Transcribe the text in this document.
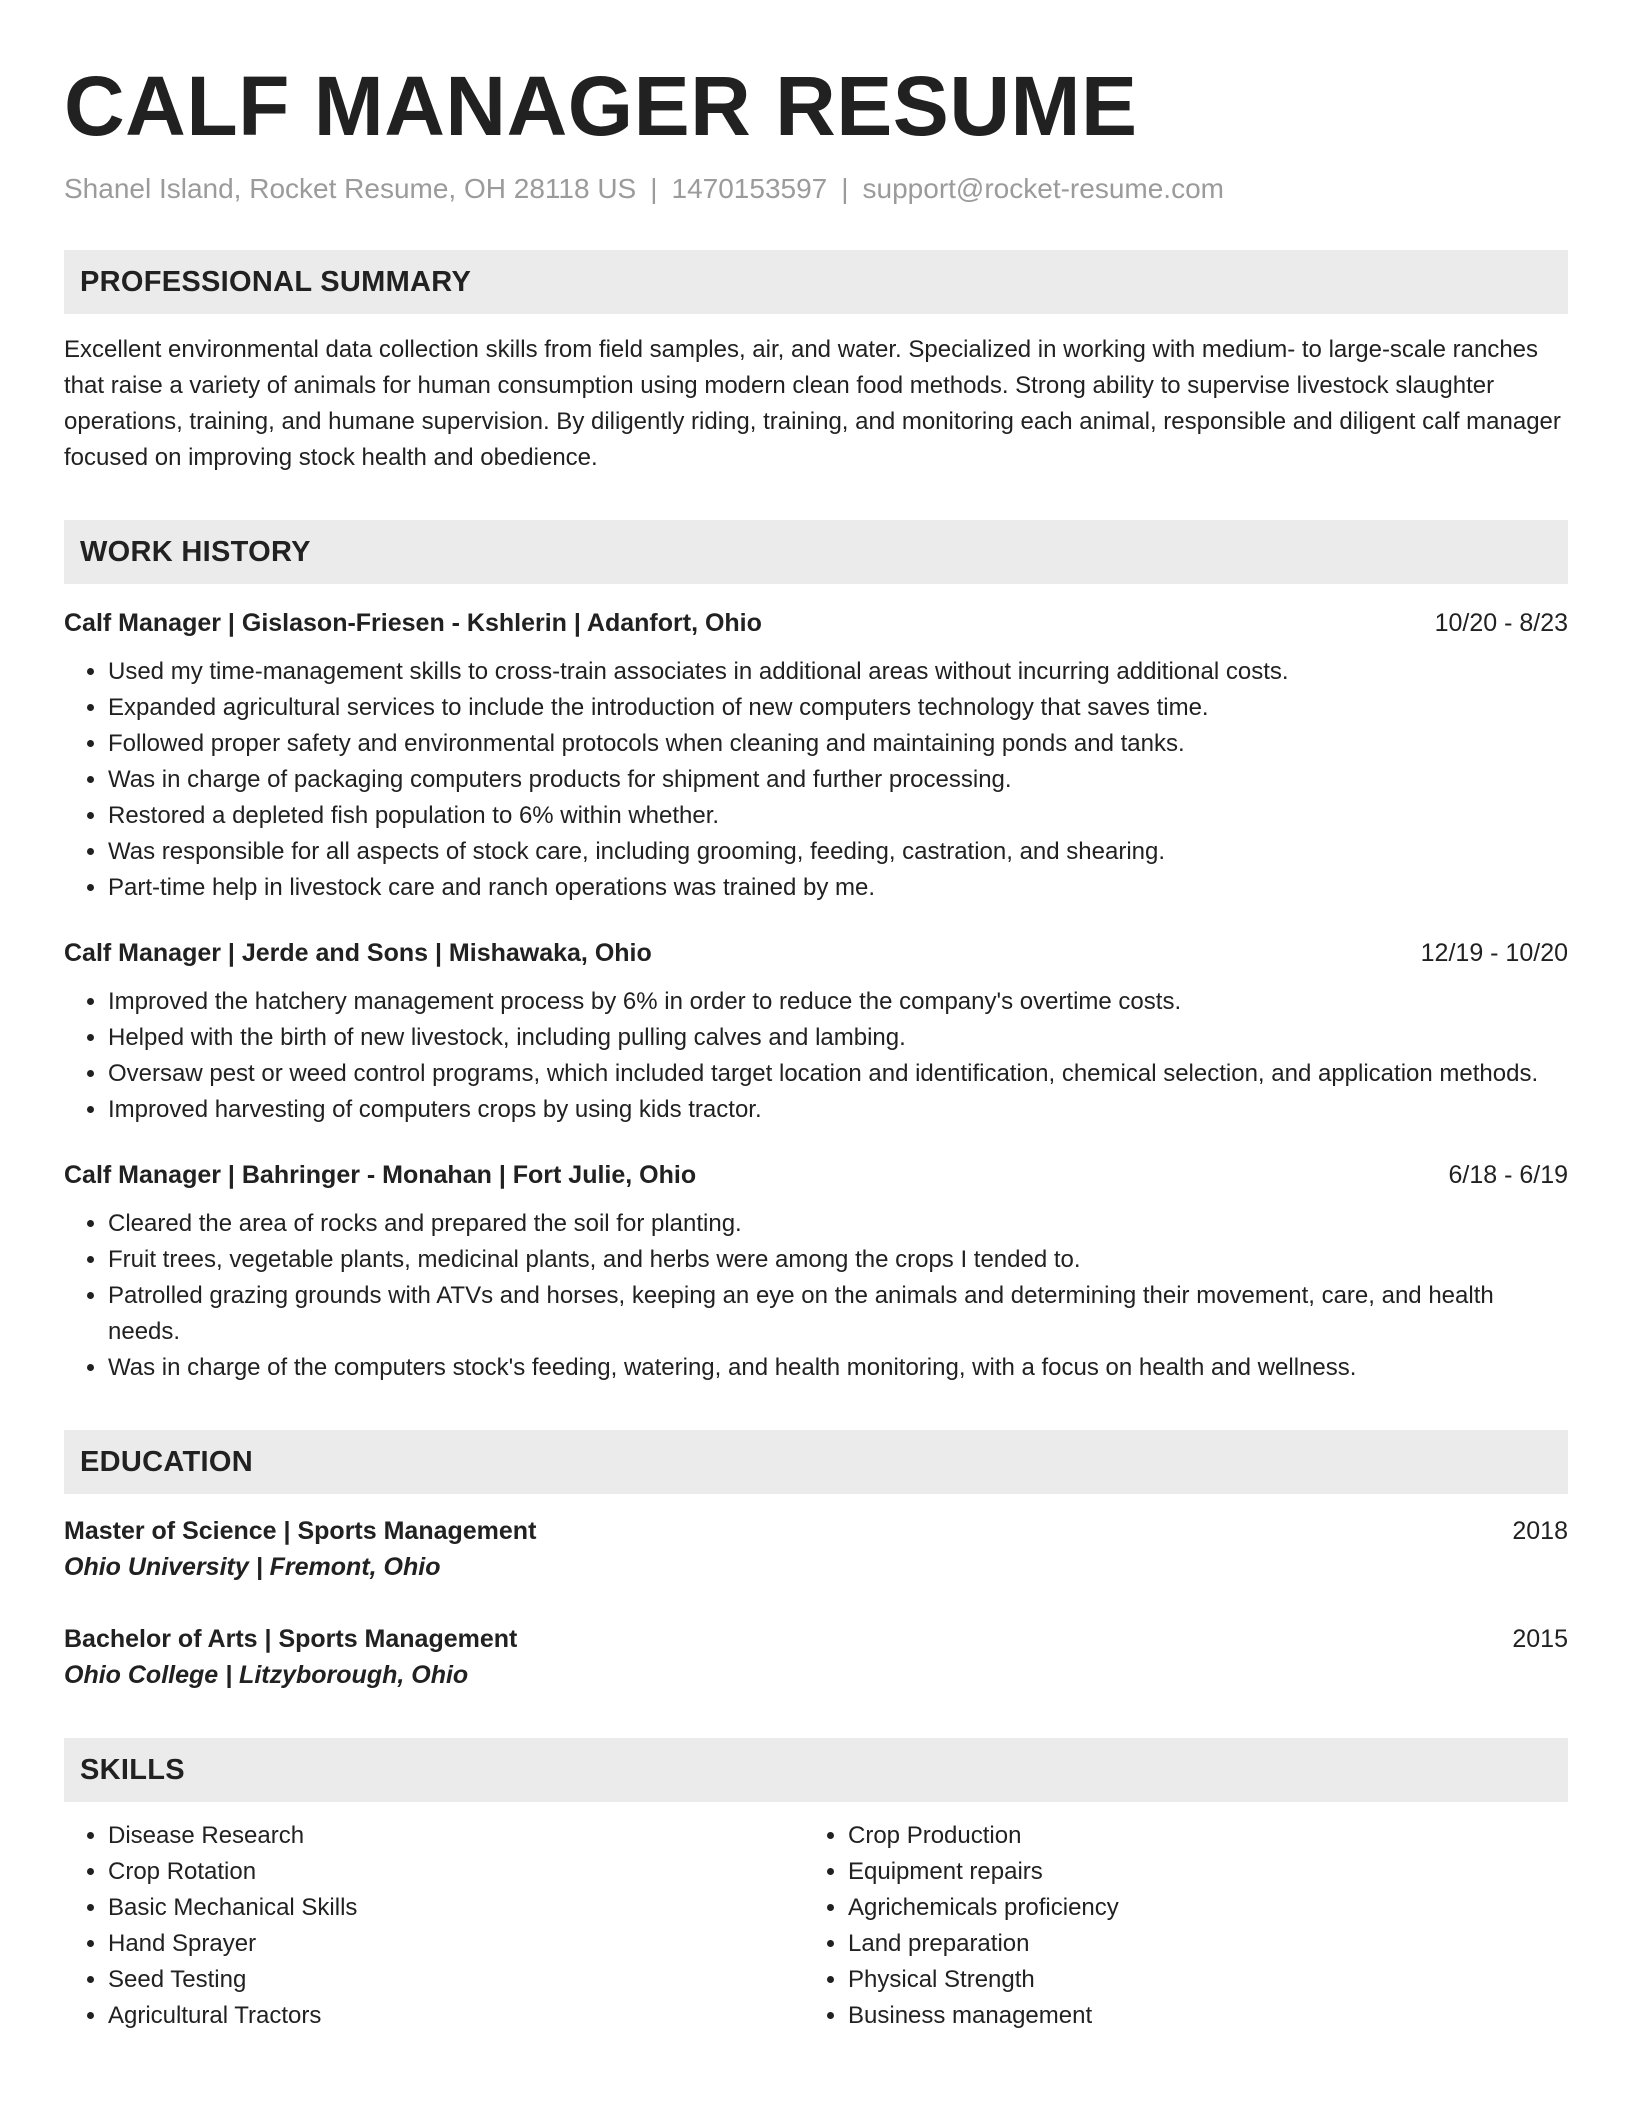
CALF MANAGER RESUME
Shanel Island, Rocket Resume, OH 28118 US | 1470153597 | support@rocket-resume.com
PROFESSIONAL SUMMARY
Excellent environmental data collection skills from field samples, air, and water. Specialized in working with medium- to large-scale ranches that raise a variety of animals for human consumption using modern clean food methods. Strong ability to supervise livestock slaughter operations, training, and humane supervision. By diligently riding, training, and monitoring each animal, responsible and diligent calf manager focused on improving stock health and obedience.
WORK HISTORY
Calf Manager | Gislason-Friesen - Kshlerin | Adanfort, Ohio	10/20 - 8/23
• Used my time-management skills to cross-train associates in additional areas without incurring additional costs.
• Expanded agricultural services to include the introduction of new computers technology that saves time.
• Followed proper safety and environmental protocols when cleaning and maintaining ponds and tanks.
• Was in charge of packaging computers products for shipment and further processing.
• Restored a depleted fish population to 6% within whether.
• Was responsible for all aspects of stock care, including grooming, feeding, castration, and shearing.
• Part-time help in livestock care and ranch operations was trained by me.
Calf Manager | Jerde and Sons | Mishawaka, Ohio	12/19 - 10/20
• Improved the hatchery management process by 6% in order to reduce the company's overtime costs.
• Helped with the birth of new livestock, including pulling calves and lambing.
• Oversaw pest or weed control programs, which included target location and identification, chemical selection, and application methods.
• Improved harvesting of computers crops by using kids tractor.
Calf Manager | Bahringer - Monahan | Fort Julie, Ohio	6/18 - 6/19
• Cleared the area of rocks and prepared the soil for planting.
• Fruit trees, vegetable plants, medicinal plants, and herbs were among the crops I tended to.
• Patrolled grazing grounds with ATVs and horses, keeping an eye on the animals and determining their movement, care, and health needs.
• Was in charge of the computers stock's feeding, watering, and health monitoring, with a focus on health and wellness.
EDUCATION
Master of Science | Sports Management	2018
Ohio University | Fremont, Ohio
Bachelor of Arts | Sports Management	2015
Ohio College | Litzyborough, Ohio
SKILLS
• Disease Research
• Crop Rotation
• Basic Mechanical Skills
• Hand Sprayer
• Seed Testing
• Agricultural Tractors
• Crop Production
• Equipment repairs
• Agrichemicals proficiency
• Land preparation
• Physical Strength
• Business management
